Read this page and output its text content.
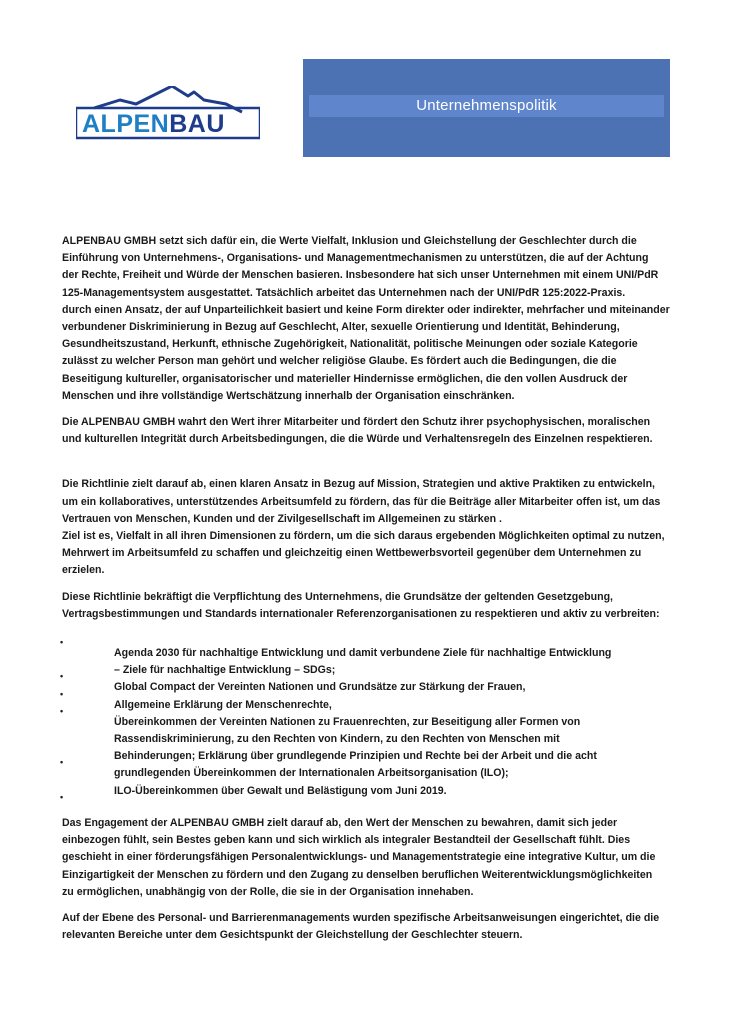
ALPENBAU
Unternehmenspolitik

ALPENBAU GMBH setzt sich dafür ein, die Werte Vielfalt, Inklusion und Gleichstellung der Geschlechter durch die

Einführung von Unternehmens-, Organisations- und Managementmechanismen zu unterstützen, die auf der Achtung

der Rechte, Freiheit und Würde der Menschen basieren. Insbesondere hat sich unser Unternehmen mit einem UNI/PdR

125-Managementsystem ausgestattet. Tatsächlich arbeitet das Unternehmen nach der UNI/PdR 125:2022-Praxis.

durch einen Ansatz, der auf Unparteilichkeit basiert und keine Form direkter oder indirekter, mehrfacher und miteinander

verbundener Diskriminierung in Bezug auf Geschlecht, Alter, sexuelle Orientierung und Identität, Behinderung,

Gesundheitszustand, Herkunft, ethnische Zugehörigkeit, Nationalität, politische Meinungen oder soziale Kategorie

zulässt zu welcher Person man gehört und welcher religiöse Glaube. Es fördert auch die Bedingungen, die die

Beseitigung kultureller, organisatorischer und materieller Hindernisse ermöglichen, die den vollen Ausdruck der

Menschen und ihre vollständige Wertschätzung innerhalb der Organisation einschränken.

Die ALPENBAU GMBH wahrt den Wert ihrer Mitarbeiter und fördert den Schutz ihrer psychophysischen, moralischen

und kulturellen Integrität durch Arbeitsbedingungen, die die Würde und Verhaltensregeln des Einzelnen respektieren.

Die Richtlinie zielt darauf ab, einen klaren Ansatz in Bezug auf Mission, Strategien und aktive Praktiken zu entwickeln,

um ein kollaboratives, unterstützendes Arbeitsumfeld zu fördern, das für die Beiträge aller Mitarbeiter offen ist, um das

Vertrauen von Menschen, Kunden und der Zivilgesellschaft im Allgemeinen zu stärken .

Ziel ist es, Vielfalt in all ihren Dimensionen zu fördern, um die sich daraus ergebenden Möglichkeiten optimal zu nutzen,

Mehrwert im Arbeitsumfeld zu schaffen und gleichzeitig einen Wettbewerbsvorteil gegenüber dem Unternehmen zu

erzielen.

Diese Richtlinie bekräftigt die Verpflichtung des Unternehmens, die Grundsätze der geltenden Gesetzgebung,

Vertragsbestimmungen und Standards internationaler Referenzorganisationen zu respektieren und aktiv zu verbreiten:

•
•
•
•
•
•

Agenda 2030 für nachhaltige Entwicklung und damit verbundene Ziele für nachhaltige Entwicklung

– Ziele für nachhaltige Entwicklung – SDGs;

Global Compact der Vereinten Nationen und Grundsätze zur Stärkung der Frauen,

Allgemeine Erklärung der Menschenrechte,

Übereinkommen der Vereinten Nationen zu Frauenrechten, zur Beseitigung aller Formen von

Rassendiskriminierung, zu den Rechten von Kindern, zu den Rechten von Menschen mit

Behinderungen; Erklärung über grundlegende Prinzipien und Rechte bei der Arbeit und die acht

grundlegenden Übereinkommen der Internationalen Arbeitsorganisation (ILO);

ILO-Übereinkommen über Gewalt und Belästigung vom Juni 2019.

Das Engagement der ALPENBAU GMBH zielt darauf ab, den Wert der Menschen zu bewahren, damit sich jeder

einbezogen fühlt, sein Bestes geben kann und sich wirklich als integraler Bestandteil der Gesellschaft fühlt. Dies

geschieht in einer förderungsfähigen Personalentwicklungs- und Managementstrategie eine integrative Kultur, um die

Einzigartigkeit der Menschen zu fördern und den Zugang zu denselben beruflichen Weiterentwicklungsmöglichkeiten

zu ermöglichen, unabhängig von der Rolle, die sie in der Organisation innehaben.

Auf der Ebene des Personal- und Barrierenmanagements wurden spezifische Arbeitsanweisungen eingerichtet, die die

relevanten Bereiche unter dem Gesichtspunkt der Gleichstellung der Geschlechter steuern.
